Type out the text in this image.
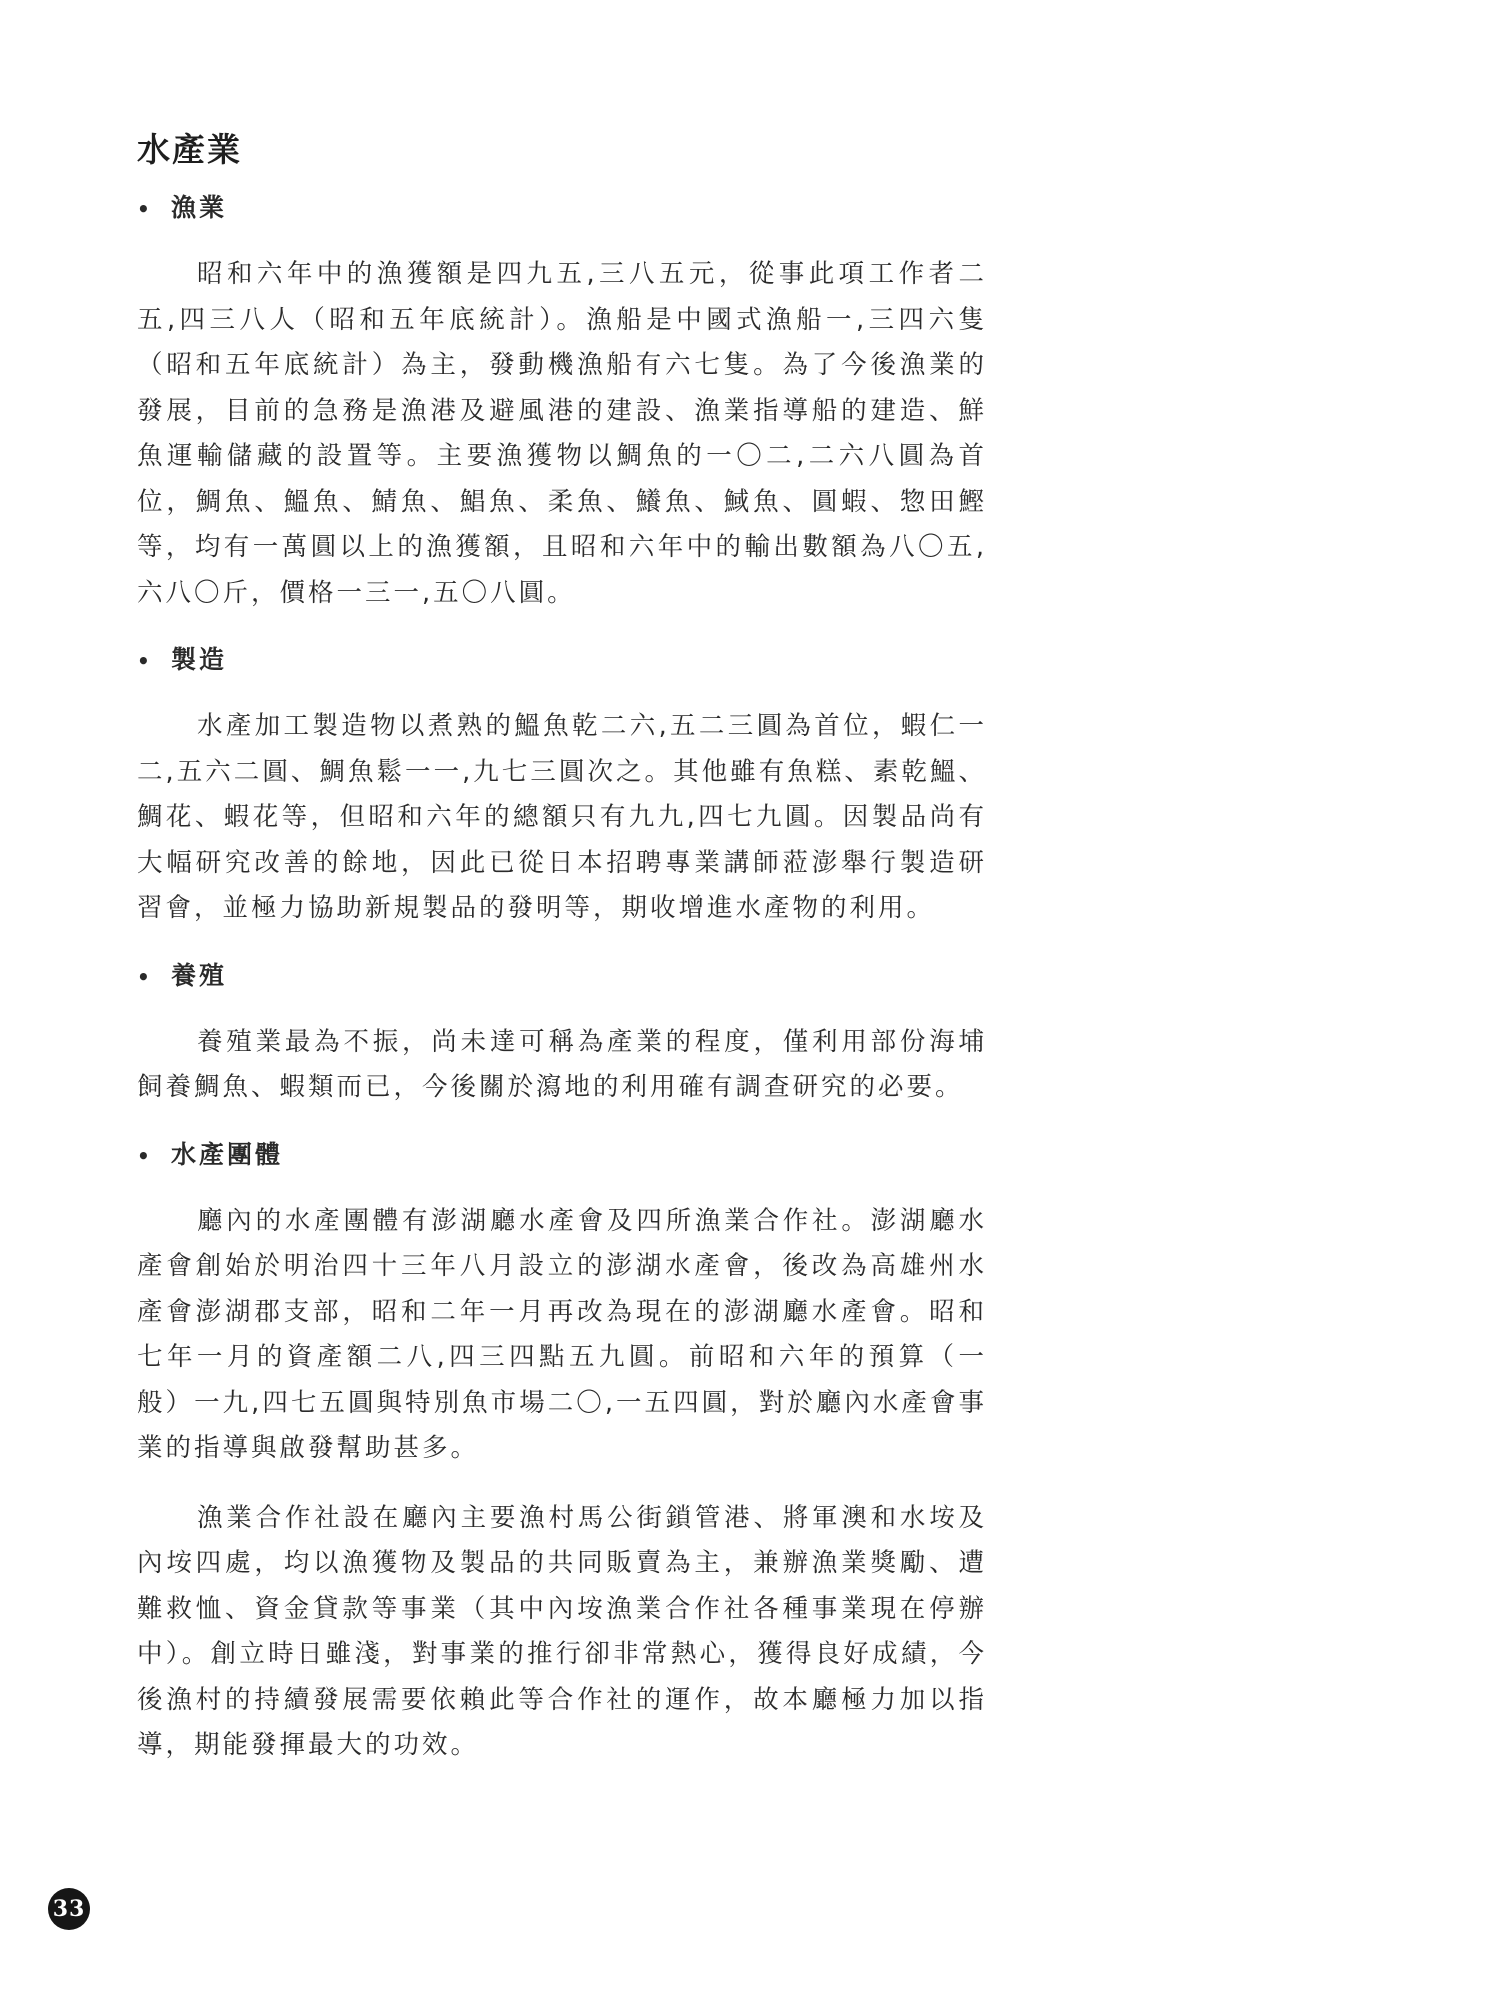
水產業
• 漁業

昭和六年中的漁獲額是四九五,三八五元，從事此項工作者二五,四三八人（昭和五年底統計）。漁船是中國式漁船一,三四六隻（昭和五年底統計）為主，發動機漁船有六七隻。為了今後漁業的發展，目前的急務是漁港及避風港的建設、漁業指導船的建造、鮮魚運輸儲藏的設置等。主要漁獲物以鯛魚的一〇二,二六八圓為首位，鯛魚、鰮魚、鯖魚、鯧魚、柔魚、鱶魚、䱛魚、圓蝦、惣田鰹等，均有一萬圓以上的漁獲額，且昭和六年中的輸出數額為八〇五,六八〇斤，價格一三一,五〇八圓。

• 製造

水產加工製造物以煮熟的鰮魚乾二六,五二三圓為首位，蝦仁一二,五六二圓、鯛魚鬆一一,九七三圓次之。其他雖有魚糕、素乾鰮、鯛花、蝦花等，但昭和六年的總額只有九九,四七九圓。因製品尚有大幅研究改善的餘地，因此已從日本招聘專業講師蒞澎舉行製造研習會，並極力協助新規製品的發明等，期收增進水產物的利用。

• 養殖

養殖業最為不振，尚未達可稱為產業的程度，僅利用部份海埔飼養鯛魚、蝦類而已，今後關於瀉地的利用確有調查研究的必要。

• 水產團體

廳內的水產團體有澎湖廳水產會及四所漁業合作社。澎湖廳水產會創始於明治四十三年八月設立的澎湖水產會，後改為高雄州水產會澎湖郡支部，昭和二年一月再改為現在的澎湖廳水產會。昭和七年一月的資產額二八,四三四點五九圓。前昭和六年的預算（一般）一九,四七五圓與特別魚市場二〇,一五四圓，對於廳內水產會事業的指導與啟發幫助甚多。

漁業合作社設在廳內主要漁村馬公街鎖管港、將軍澳和水垵及內垵四處，均以漁獲物及製品的共同販賣為主，兼辦漁業獎勵、遭難救恤、資金貸款等事業（其中內垵漁業合作社各種事業現在停辦中）。創立時日雖淺，對事業的推行卻非常熱心，獲得良好成績，今後漁村的持續發展需要依賴此等合作社的運作，故本廳極力加以指導，期能發揮最大的功效。

33
